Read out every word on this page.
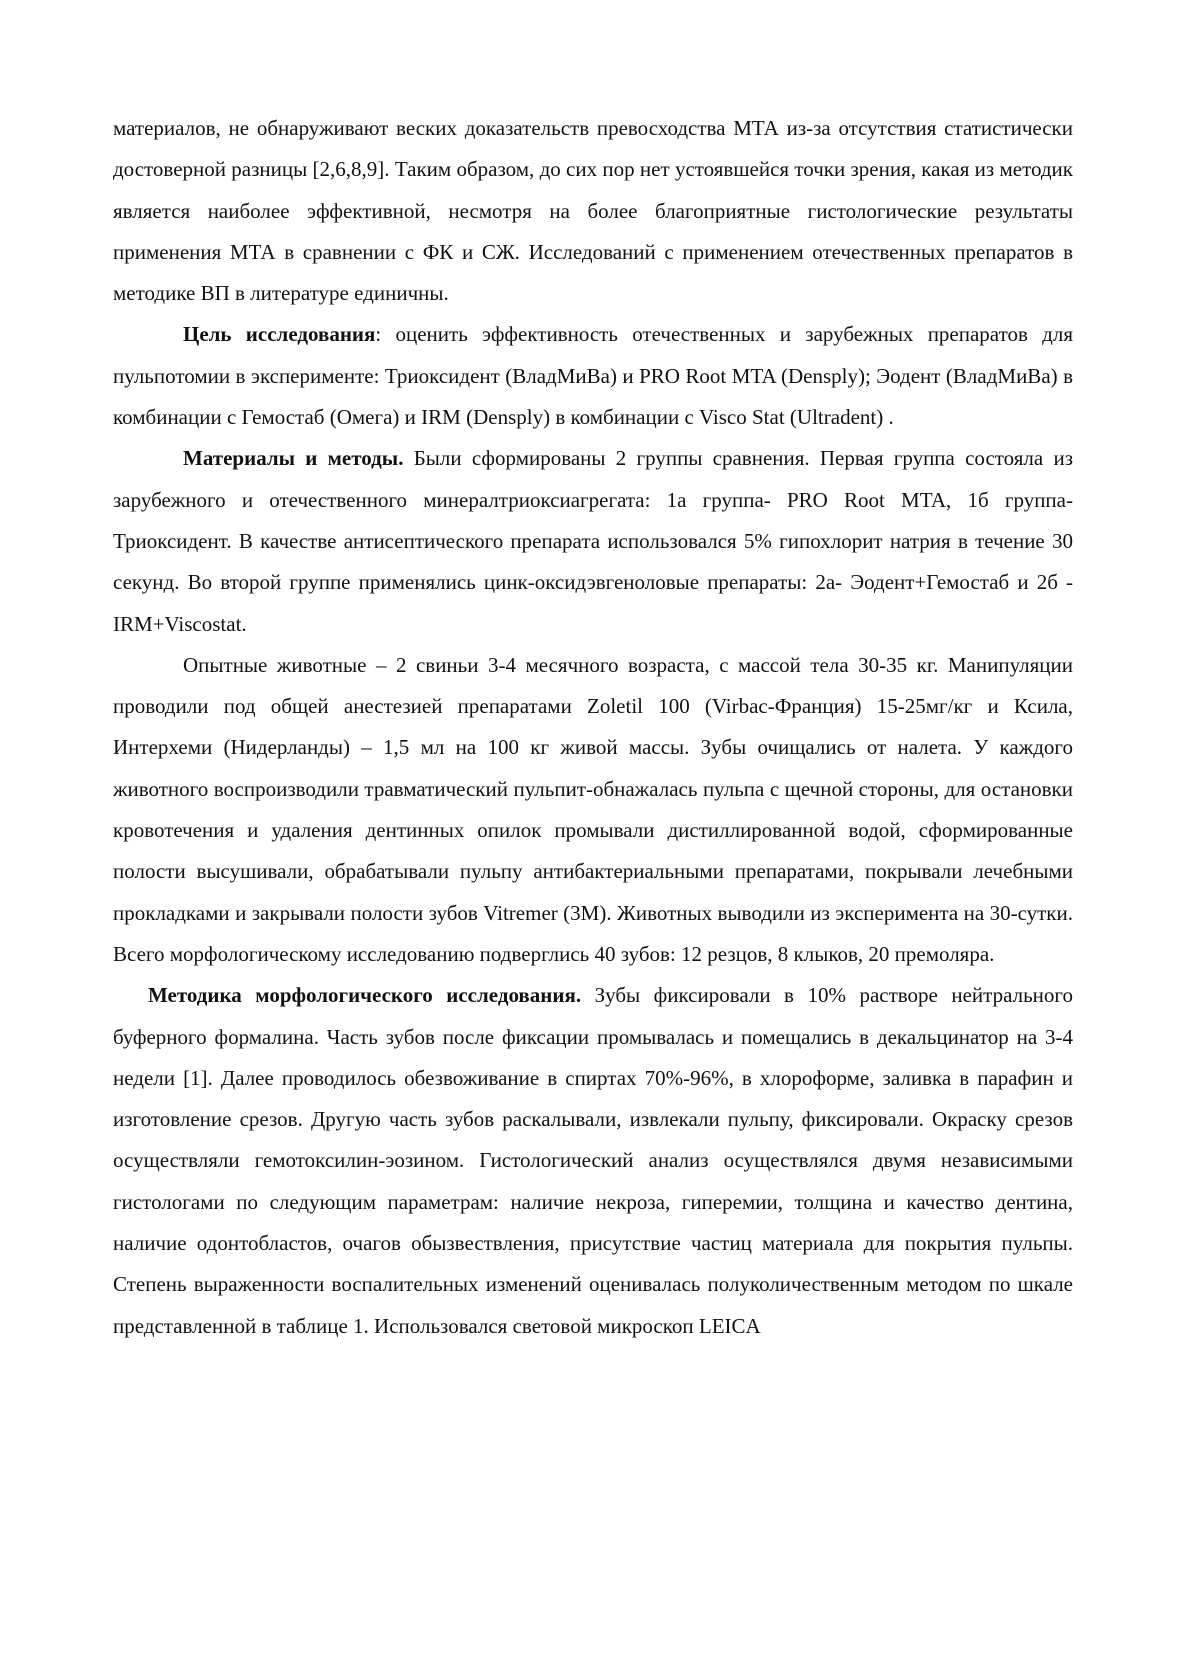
материалов, не обнаруживают веских доказательств превосходства МТА из-за отсутствия статистически достоверной разницы [2,6,8,9]. Таким образом, до сих пор нет устоявшейся точки зрения, какая из методик является наиболее эффективной, несмотря на более благоприятные гистологические результаты применения МТА в сравнении с ФК и СЖ. Исследований с применением отечественных препаратов в методике ВП в литературе единичны.

Цель исследования: оценить эффективность отечественных и зарубежных препаратов для пульпотомии в эксперименте: Триоксидент (ВладМиВа) и PRO Root MTA (Densply); Эодент (ВладМиВа) в комбинации с Гемостаб (Омега) и IRM (Densply) в комбинации с Visco Stat (Ultradent) .

Материалы и методы. Были сформированы 2 группы сравнения. Первая группа состояла из зарубежного и отечественного минералтриоксиагрегата: 1а группа- PRO Root MTA, 1б группа- Триоксидент. В качестве антисептического препарата использовался 5% гипохлорит натрия в течение 30 секунд. Во второй группе применялись цинк-оксидэвгеноловые препараты: 2а- Эодент+Гемостаб и 2б - IRM+Viscostat.

Опытные животные – 2 свиньи 3-4 месячного возраста, с массой тела 30-35 кг. Манипуляции проводили под общей анестезией препаратами Zoletil 100 (Virbac-Франция) 15-25мг/кг и Ксила, Интерхеми (Нидерланды) – 1,5 мл на 100 кг живой массы. Зубы очищались от налета. У каждого животного воспроизводили травматический пульпит-обнажалась пульпа с щечной стороны, для остановки кровотечения и удаления дентинных опилок промывали дистиллированной водой, сформированные полости высушивали, обрабатывали пульпу антибактериальными препаратами, покрывали лечебными прокладками и закрывали полости зубов Vitremer (3M). Животных выводили из эксперимента на 30-сутки. Всего морфологическому исследованию подверглись 40 зубов: 12 резцов, 8 клыков, 20 премоляра.

Методика морфологического исследования. Зубы фиксировали в 10% растворе нейтрального буферного формалина. Часть зубов после фиксации промывалась и помещались в декальцинатор на 3-4 недели [1]. Далее проводилось обезвоживание в спиртах 70%-96%, в хлороформе, заливка в парафин и изготовление срезов. Другую часть зубов раскалывали, извлекали пульпу, фиксировали. Окраску срезов осуществляли гемотоксилин-эозином. Гистологический анализ осуществлялся двумя независимыми гистологами по следующим параметрам: наличие некроза, гиперемии, толщина и качество дентина, наличие одонтобластов, очагов обызвествления, присутствие частиц материала для покрытия пульпы. Степень выраженности воспалительных изменений оценивалась полуколичественным методом по шкале представленной в таблице 1. Использовался световой микроскоп LEICA
